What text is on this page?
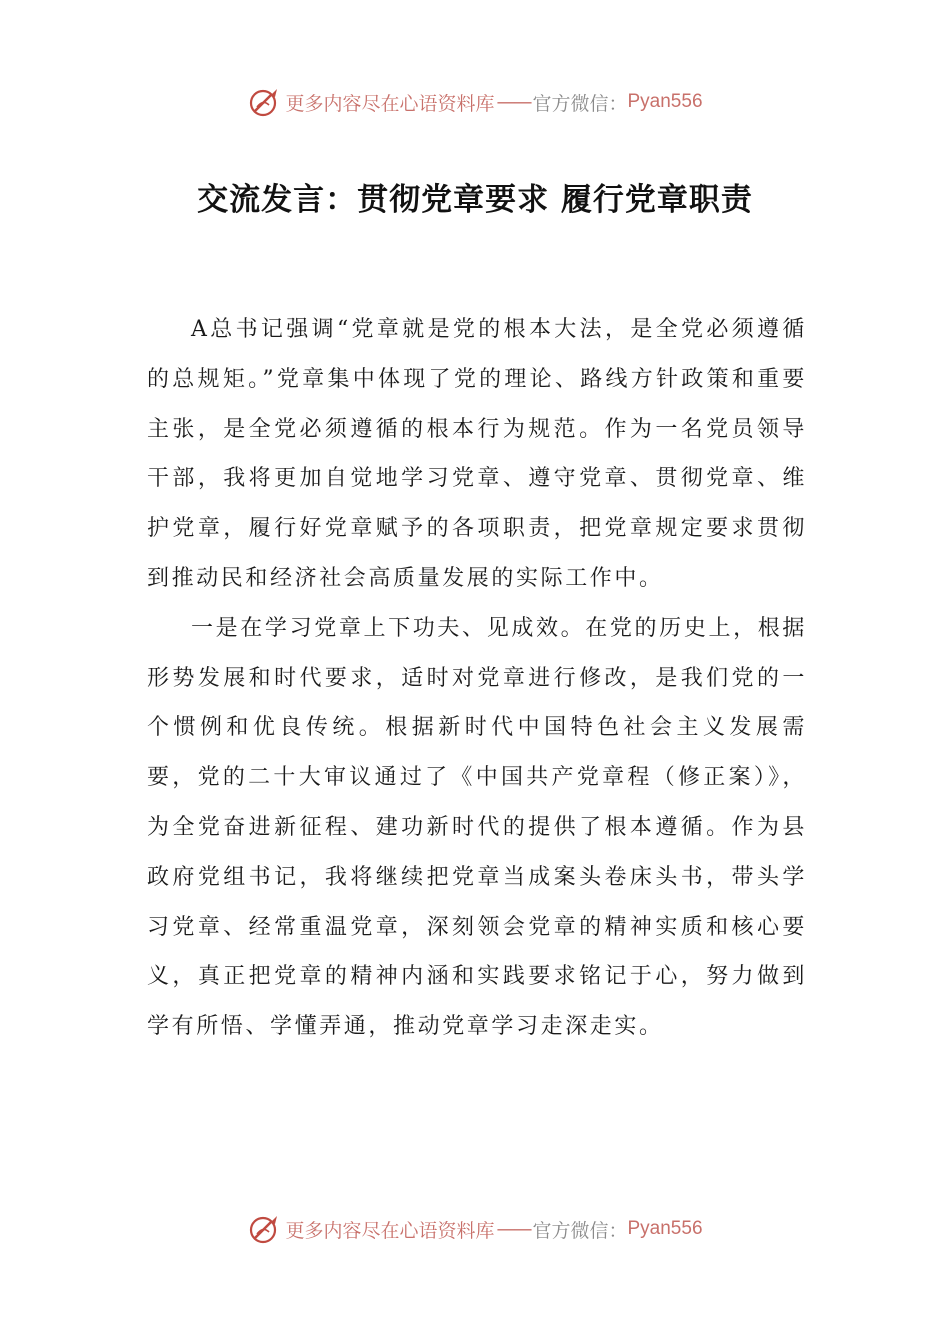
更多内容尽在心语资料库 —— 官方微信： Pyan556
交流发言：贯彻党章要求 履行党章职责

A总书记强调“党章就是党的根本大法，是全党必须遵循的总规矩。”党章集中体现了党的理论、路线方针政策和重要主张，是全党必须遵循的根本行为规范。作为一名党员领导干部，我将更加自觉地学习党章、遵守党章、贯彻党章、维护党章，履行好党章赋予的各项职责，把党章规定要求贯彻到推动民和经济社会高质量发展的实际工作中。

一是在学习党章上下功夫、见成效。在党的历史上，根据形势发展和时代要求，适时对党章进行修改，是我们党的一个惯例和优良传统。根据新时代中国特色社会主义发展需要，党的二十大审议通过了《中国共产党章程（修正案）》，为全党奋进新征程、建功新时代的提供了根本遵循。作为县政府党组书记，我将继续把党章当成案头卷床头书，带头学习党章、经常重温党章，深刻领会党章的精神实质和核心要义，真正把党章的精神内涵和实践要求铭记于心，努力做到学有所悟、学懂弄通，推动党章学习走深走实。

更多内容尽在心语资料库 —— 官方微信： Pyan556
